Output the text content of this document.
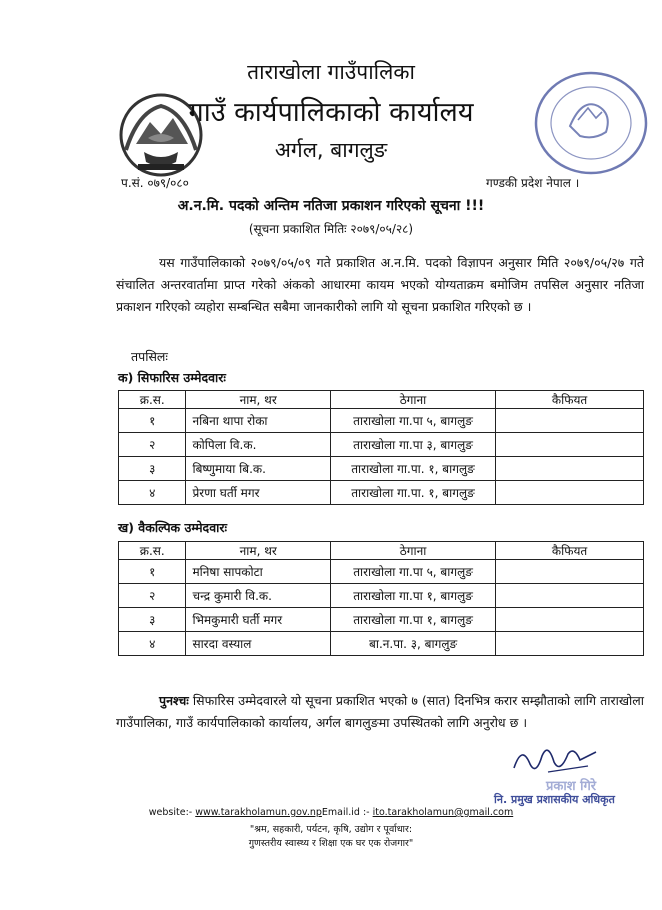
ताराखोला गाउँपालिका
गाउँ कार्यपालिकाको कार्यालय
अर्गल, बागलुङ
प.सं. ०७९/०८०	गण्डकी प्रदेश नेपाल ।
अ.न.मि. पदको अन्तिम नतिजा प्रकाशन गरिएको सूचना !!!
(सूचना प्रकाशित मितिः २०७९/०५/२८)
यस गाउँपालिकाको २०७९/०५/०९ गते प्रकाशित अ.न.मि. पदको विज्ञापन अनुसार मिति २०७९/०५/२७ गते संचालित अन्तरवार्तामा प्राप्त गरेको अंकको आधारमा कायम भएको योग्यताक्रम बमोजिम तपसिल अनुसार नतिजा प्रकाशन गरिएको व्यहोरा सम्बन्धित सबैमा जानकारीको लागि यो सूचना प्रकाशित गरिएको छ ।
तपसिलः
क) सिफारिस उम्मेदवारः
क्र.स.	नाम, थर	ठेगाना	कैफियत
१	नबिना थापा रोका	ताराखोला गा.पा ५, बागलुङ	
२	कोपिला वि.क.	ताराखोला गा.पा ३, बागलुङ	
३	बिष्णुमाया बि.क.	ताराखोला गा.पा. १, बागलुङ	
४	प्रेरणा घर्ती मगर	ताराखोला गा.पा. १, बागलुङ	
ख) वैकल्पिक उम्मेदवारः
क्र.स.	नाम, थर	ठेगाना	कैफियत
१	मनिषा सापकोटा	ताराखोला गा.पा ५, बागलुङ	
२	चन्द्र कुमारी वि.क.	ताराखोला गा.पा १, बागलुङ	
३	भिमकुमारी घर्ती मगर	ताराखोला गा.पा १, बागलुङ	
४	सारदा वस्याल	बा.न.पा. ३, बागलुङ	
पुनश्चः सिफारिस उम्मेदवारले यो सूचना प्रकाशित भएको ७ (सात) दिनभित्र करार सम्झौताको लागि ताराखोला गाउँपालिका, गाउँ कार्यपालिकाको कार्यालय, अर्गल बागलुङमा उपस्थितको लागि अनुरोध छ ।
प्रकाश गिरे
नि. प्रमुख प्रशासकीय अधिकृत
website:- www.tarakholamun.gov.npEmail.id :- ito.tarakholamun@gmail.com
"श्रम, सहकारी, पर्यटन, कृषि, उद्योग र पूर्वाधार:
गुणस्तरीय स्वास्थ्य र शिक्षा एक घर एक रोजगार"
